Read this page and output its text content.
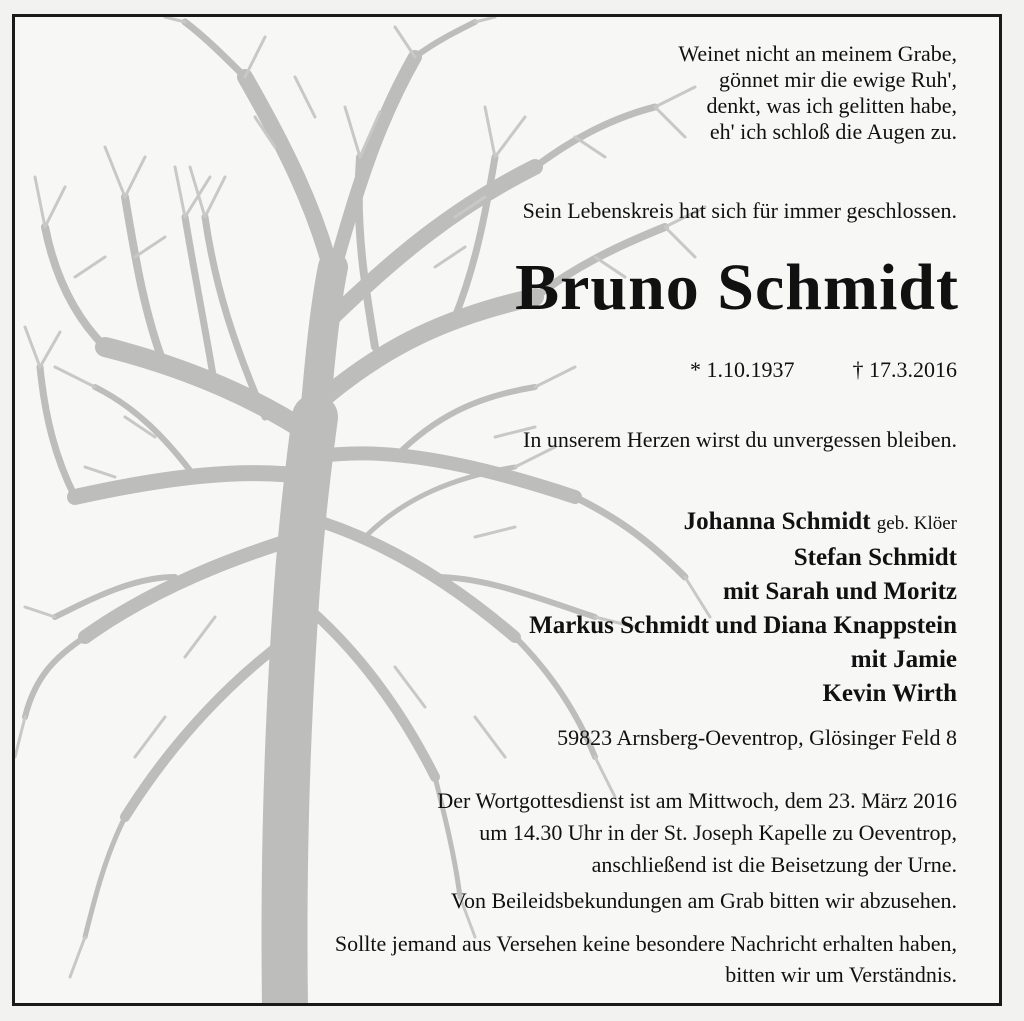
Weinet nicht an meinem Grabe,
gönnet mir die ewige Ruh',
denkt, was ich gelitten habe,
eh' ich schloß die Augen zu.
Sein Lebenskreis hat sich für immer geschlossen.
Bruno Schmidt
* 1.10.1937	† 17.3.2016
In unserem Herzen wirst du unvergessen bleiben.
Johanna Schmidt geb. Klöer
Stefan Schmidt
mit Sarah und Moritz
Markus Schmidt und Diana Knappstein
mit Jamie
Kevin Wirth
59823 Arnsberg-Oeventrop, Glösinger Feld 8
Der Wortgottesdienst ist am Mittwoch, dem 23. März 2016
um 14.30 Uhr in der St. Joseph Kapelle zu Oeventrop,
anschließend ist die Beisetzung der Urne.
Von Beileidsbekundungen am Grab bitten wir abzusehen.
Sollte jemand aus Versehen keine besondere Nachricht erhalten haben,
bitten wir um Verständnis.
